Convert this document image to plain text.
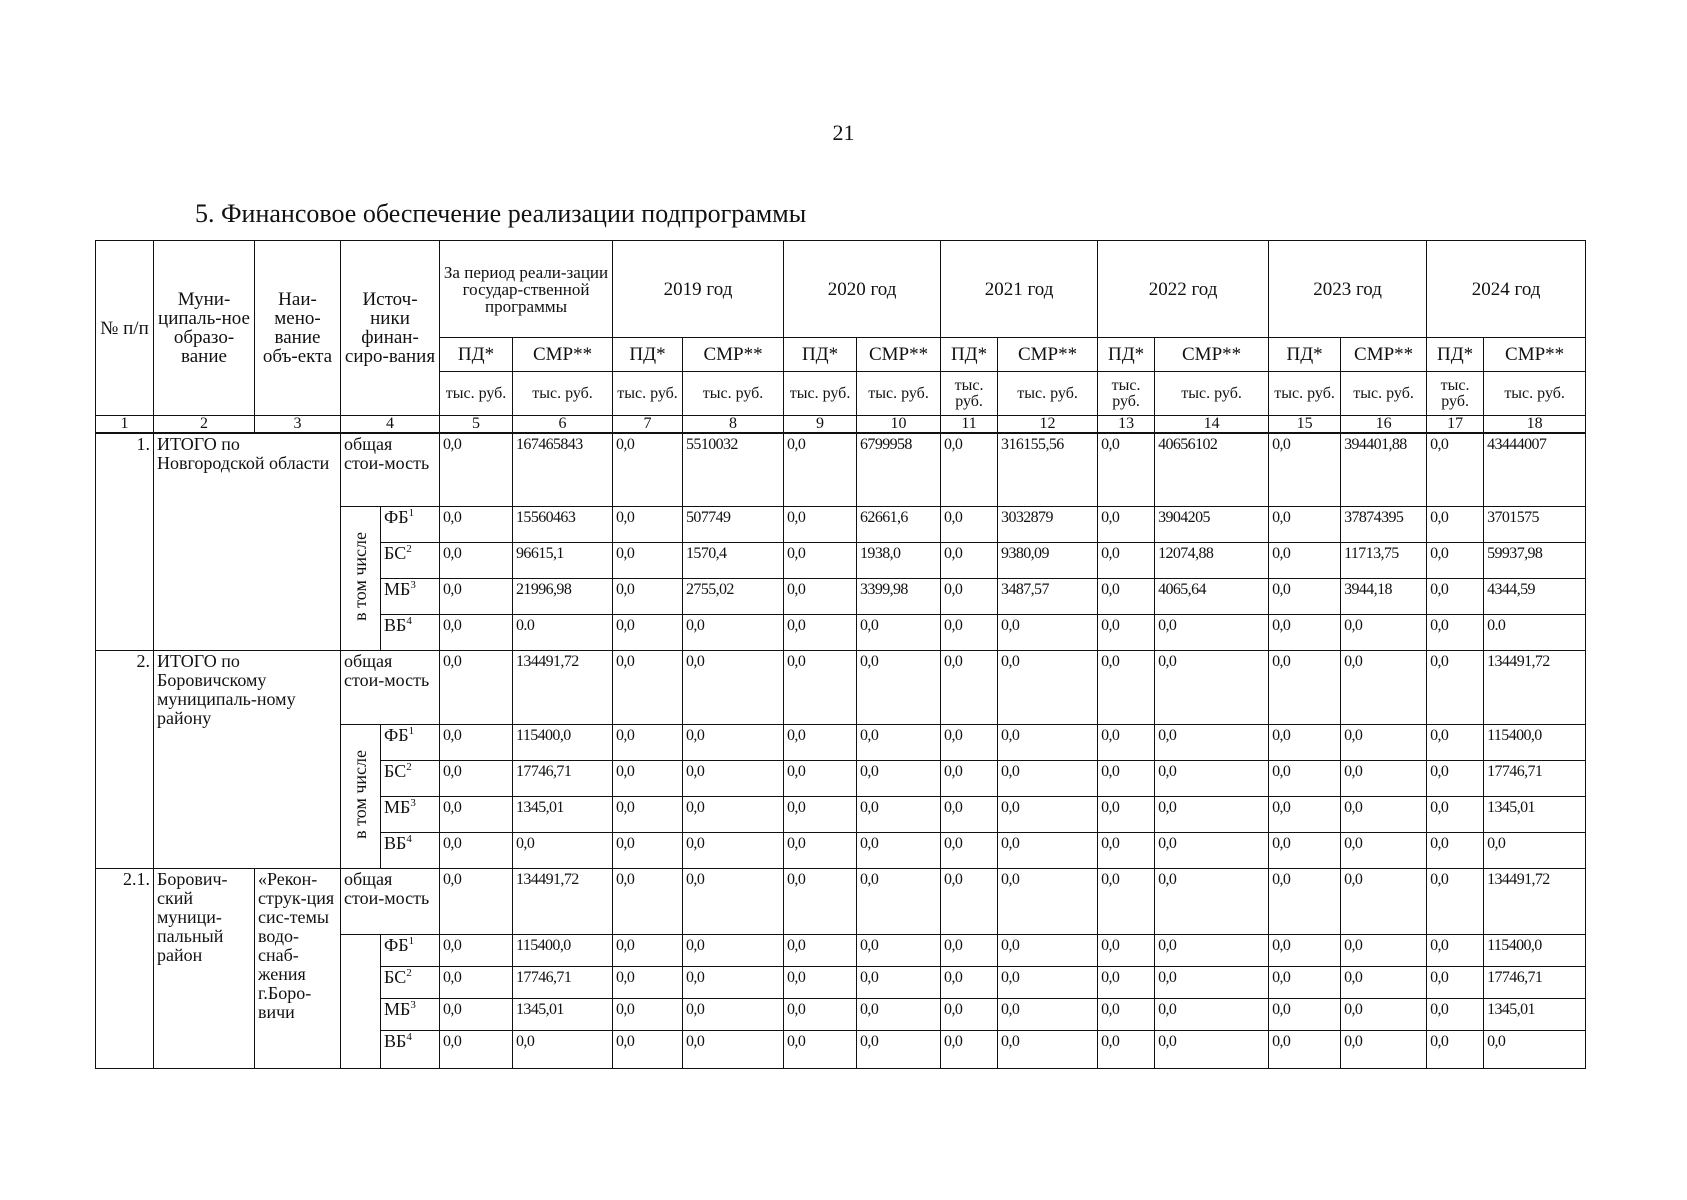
21
5. Финансовое обеспечение реализации подпрограммы
№ п/п	Муни-ципаль-ное образо-вание	Наи-мено-вание объ-екта	Источ-ники финан-сиро-вания		За период реали-зации государ-ственной программы		2019 год		2020 год		2021 год		2022 год		2023 год		2024 год	
					ПД*	СМР**	ПД*	СМР**	ПД*	СМР**	ПД*	СМР**	ПД*	СМР**	ПД*	СМР**	ПД*	СМР**
					тыс. руб.	тыс. руб.	тыс. руб.	тыс. руб.	тыс. руб.	тыс. руб.	тыс. руб.	тыс. руб.	тыс. руб.	тыс. руб.	тыс. руб.	тыс. руб.	тыс. руб.	тыс. руб.
1	2	3	4		5	6	7	8	9	10	11	12	13	14	15	16	17	18
1.	ИТОГО по Новгородской области		общая стои-мость		0,0	167465843	0,0	5510032	0,0	6799958	0,0	316155,56	0,0	40656102	0,0	394401,88	0,0	43444007
			в том числе	$ФБ^1$	0,0	15560463	0,0	507749	0,0	62661,6	0,0	3032879	0,0	3904205	0,0	37874395	0,0	3701575
				$БС^2$	0,0	96615,1	0,0	1570,4	0,0	1938,0	0,0	9380,09	0,0	12074,88	0,0	11713,75	0,0	59937,98
				$МБ^3$	0,0	21996,98	0,0	2755,02	0,0	3399,98	0,0	3487,57	0,0	4065,64	0,0	3944,18	0,0	4344,59
				$ВБ^4$	0,0	0.0	0,0	0,0	0,0	0,0	0,0	0,0	0,0	0,0	0,0	0,0	0,0	0.0
2.	ИТОГО по Боровичскому муниципаль-ному району		общая стои-мость		0,0	134491,72	0,0	0,0	0,0	0,0	0,0	0,0	0,0	0,0	0,0	0,0	0,0	134491,72
			в том числе	$ФБ^1$	0,0	115400,0	0,0	0,0	0,0	0,0	0,0	0,0	0,0	0,0	0,0	0,0	0,0	115400,0
				$БС^2$	0,0	17746,71	0,0	0,0	0,0	0,0	0,0	0,0	0,0	0,0	0,0	0,0	0,0	17746,71
				$МБ^3$	0,0	1345,01	0,0	0,0	0,0	0,0	0,0	0,0	0,0	0,0	0,0	0,0	0,0	1345,01
				$ВБ^4$	0,0	0,0	0,0	0,0	0,0	0,0	0,0	0,0	0,0	0,0	0,0	0,0	0,0	0,0
2.1.	Борович-ский муници-пальный район	«Рекон-струк-ция сис-темы водо-снаб-жения г.Боро-вичи	общая стои-мость		0,0	134491,72	0,0	0,0	0,0	0,0	0,0	0,0	0,0	0,0	0,0	0,0	0,0	134491,72
				$ФБ^1$	0,0	115400,0	0,0	0,0	0,0	0,0	0,0	0,0	0,0	0,0	0,0	0,0	0,0	115400,0
				$БС^2$	0,0	17746,71	0,0	0,0	0,0	0,0	0,0	0,0	0,0	0,0	0,0	0,0	0,0	17746,71
				$МБ^3$	0,0	1345,01	0,0	0,0	0,0	0,0	0,0	0,0	0,0	0,0	0,0	0,0	0,0	1345,01
				$ВБ^4$	0,0	0,0	0,0	0,0	0,0	0,0	0,0	0,0	0,0	0,0	0,0	0,0	0,0	0,0
